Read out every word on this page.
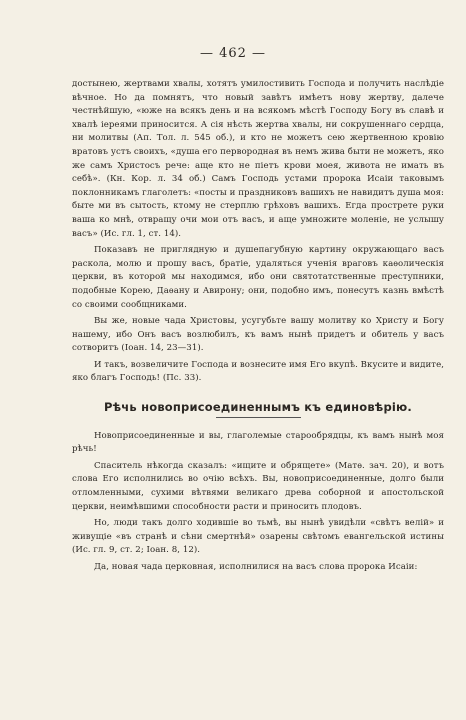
— 462 —

достынею, жертвами хвалы, хотятъ умилостивить Господа и получить наслѣдіе вѣчное. Но да помнятъ, что новый завѣтъ имѣетъ нову жертву, далече честнѣйшую, «юже на всякъ день и на всякомъ мѣстѣ Господу Богу въ славѣ и хвалѣ іереями приносится. А сія нѣсть жертва хвалы, ни сокрушеннаго сердца, ни молитвы (Ап. Тол. л. 545 об.), и кто не можетъ сею жертвенною кровію вратовъ устъ своихъ, «душа его первородная въ немъ жива быти не можетъ, яко же самъ Христосъ рече: аще кто не піетъ крови моея, живота не имать въ себѣ». (Кн. Кор. л. 34 об.) Самъ Господь устами пророка Исаіи таковымъ поклонникамъ глаголетъ: «посты и праздниковъ вашихъ не навидитъ душа моя: быте ми въ сытость, ктому не стерплю грѣховъ вашихъ. Егда прострете руки ваша ко мнѣ, отвращу очи мои отъ васъ, и аще умножите моленіе, не услышу васъ» (Ис. гл. 1, ст. 14).

Показавъ не приглядную и душепагубную картину окружающаго васъ раскола, молю и прошу васъ, братіе, удаляться ученія враговъ каѳолическія церкви, въ которой мы находимся, ибо они святотатственные преступники, подобные Корею, Даѳану и Авирону; они, подобно имъ, понесутъ казнь вмѣстѣ со своими сообщниками.

Вы же, новые чада Христовы, усугубьте вашу молитву ко Христу и Богу нашему, ибо Онъ васъ возлюбилъ, къ вамъ нынѣ придетъ и обитель у васъ сотворитъ (Іоан. 14, 23—31).

И такъ, возвеличите Господа и вознесите имя Его вкупѣ. Вкусите и видите, яко благъ Господь! (Пс. 33).

Рѣчь новоприсоединеннымъ къ единовѣрію.

Новоприсоединенные и вы, глаголемые старообрядцы, къ вамъ нынѣ моя рѣчь!

Спаситель нѣкогда сказалъ: «ищите и обрящете» (Матѳ. зач. 20), и вотъ слова Его исполнились во очію всѣхъ. Вы, новоприсоединенные, долго были отломленными, сухими вѣтвями великаго древа соборной и апостольской церкви, неимѣвшими способности расти и приносить плодовъ.

Но, люди такъ долго ходившіе во тьмѣ, вы нынѣ увидѣли «свѣтъ велій» и живущіе «въ странѣ и сѣни смертнѣй» озарены свѣтомъ евангельской истины (Ис. гл. 9, ст. 2; Іоан. 8, 12).

Да, новая чада церковная, исполнилися на васъ слова пророка Исаіи:
